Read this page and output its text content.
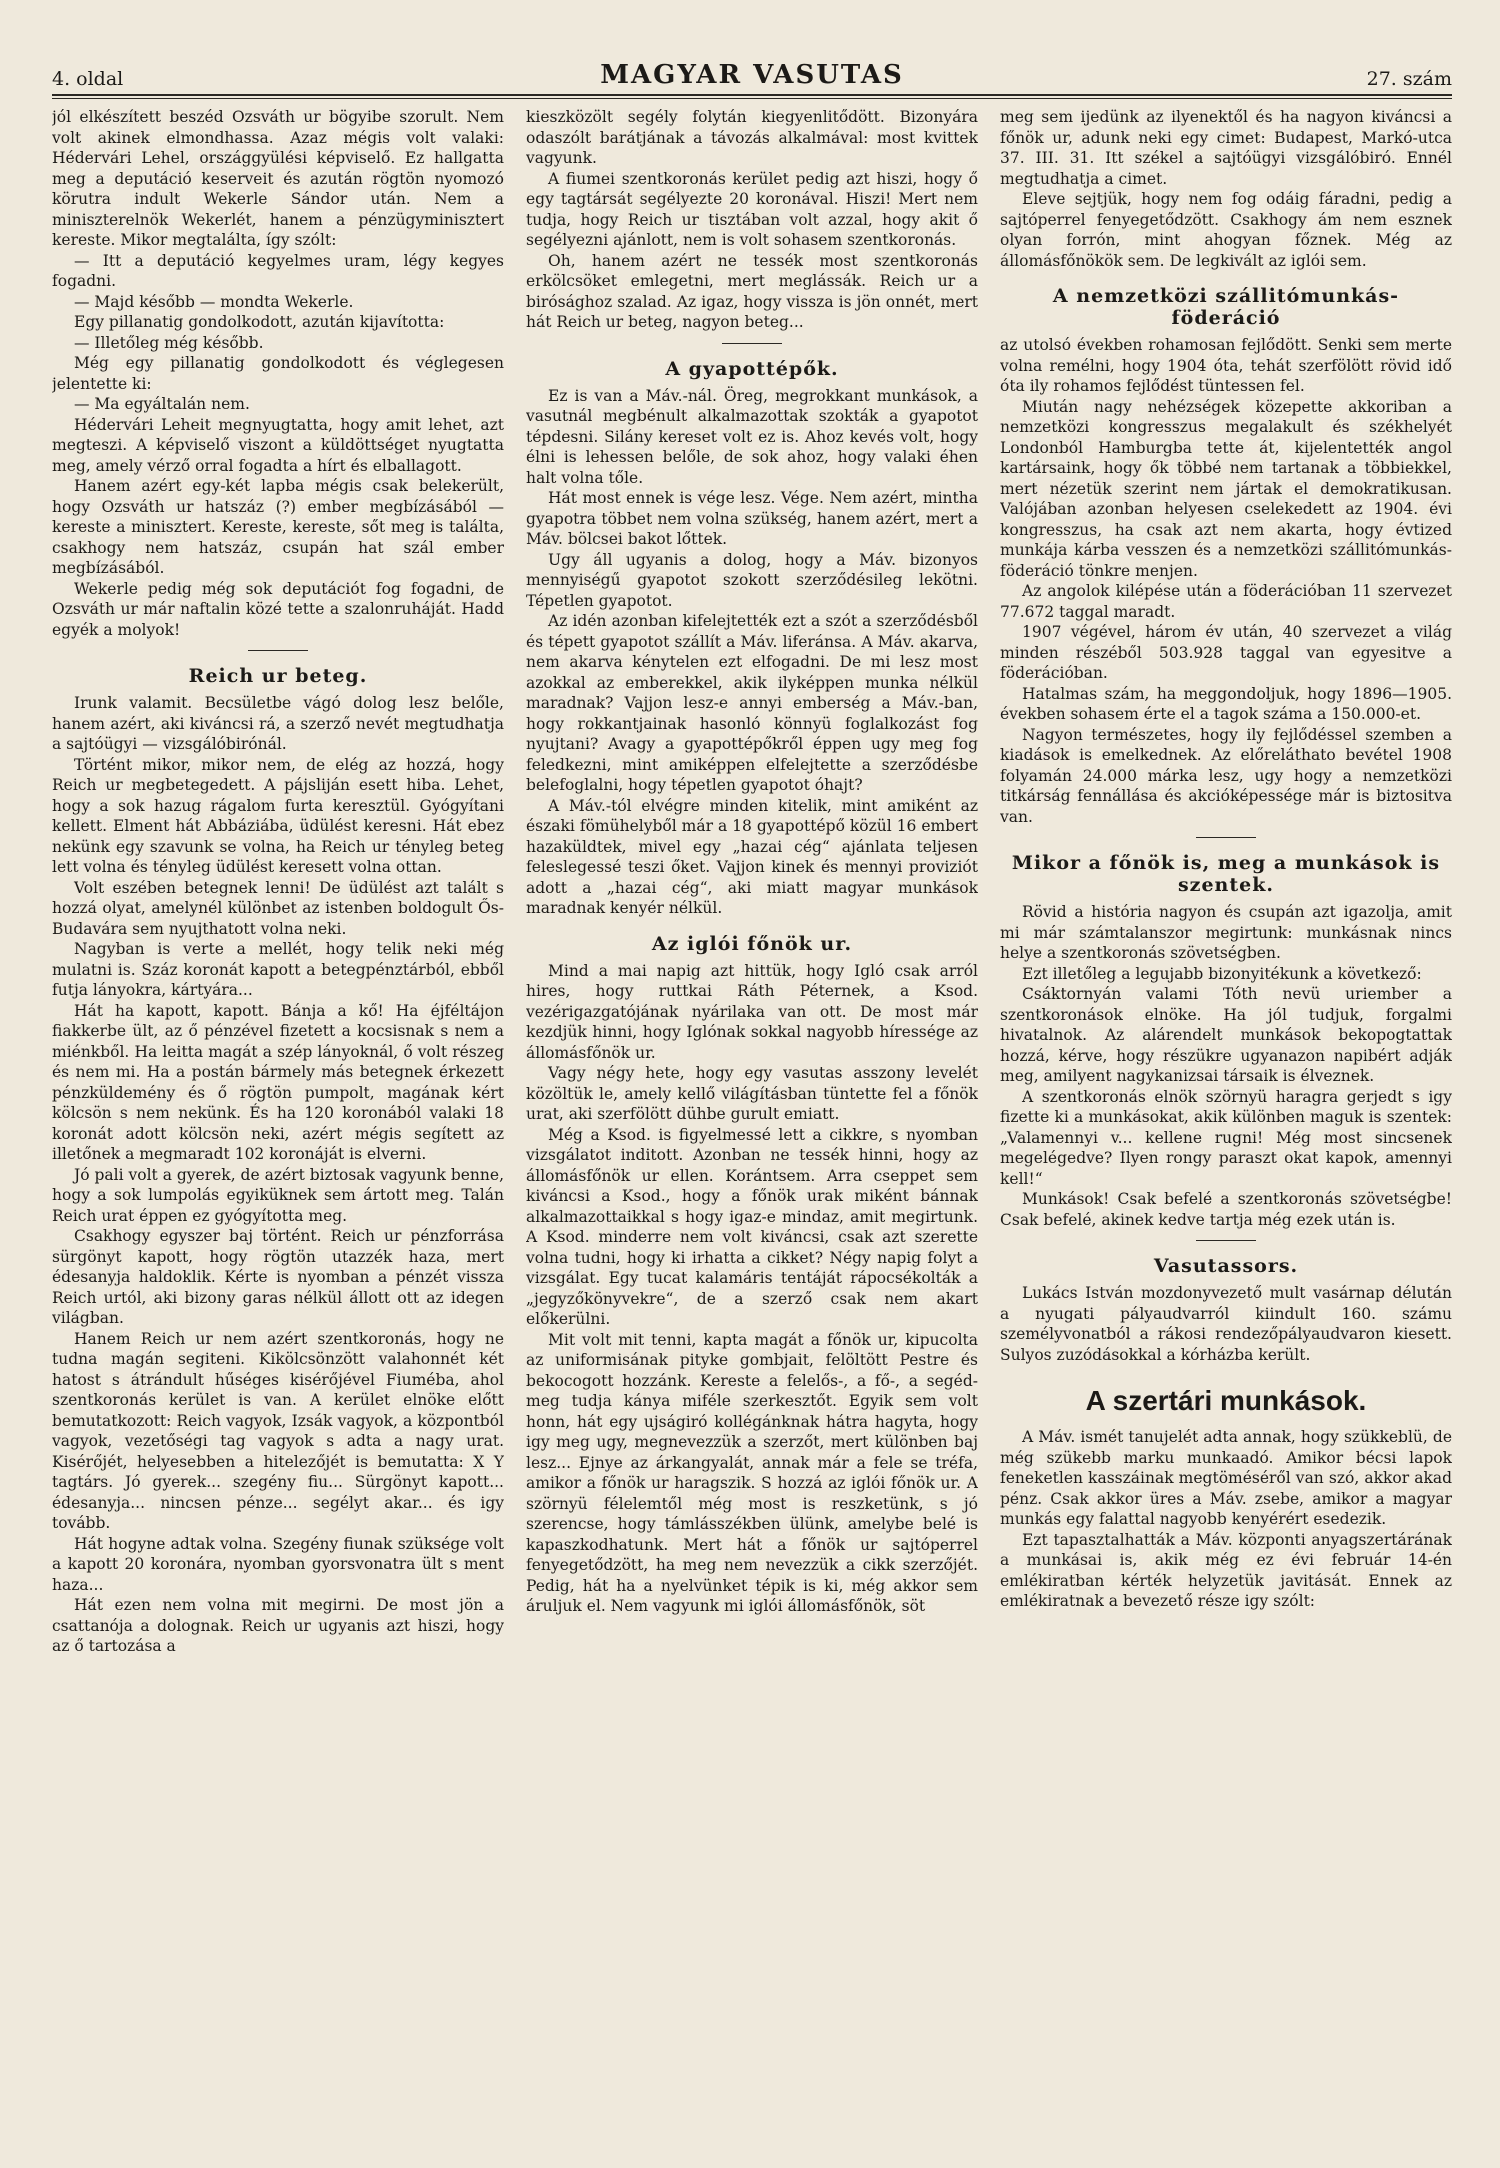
4. oldal	MAGYAR VASUTAS	27. szám

jól elkészített beszéd Ozsváth ur bögyibe szorult. Nem volt akinek elmondhassa. Azaz mégis volt valaki: Hédervári Lehel, országgyülési képviselő. Ez hallgatta meg a deputáció keserveit és azután rögtön nyomozó körutra indult Wekerle Sándor után. Nem a miniszterelnök Wekerlét, hanem a pénzügyminisztert kereste. Mikor megtalálta, így szólt:

— Itt a deputáció kegyelmes uram, légy kegyes fogadni.

— Majd később — mondta Wekerle.

Egy pillanatig gondolkodott, azután kijavította:

— Illetőleg még később.

Még egy pillanatig gondolkodott és véglegesen jelentette ki:

— Ma egyáltalán nem.

Hédervári Leheit megnyugtatta, hogy amit lehet, azt megteszi. A képviselő viszont a küldöttséget nyugtatta meg, amely vérző orral fogadta a hírt és elballagott.

Hanem azért egy-két lapba mégis csak belekerült, hogy Ozsváth ur hatszáz (?) ember megbízásából — kereste a minisztert. Kereste, kereste, sőt meg is találta, csakhogy nem hatszáz, csupán hat szál ember megbízásából.

Wekerle pedig még sok deputációt fog fogadni, de Ozsváth ur már naftalin közé tette a szalonruháját. Hadd egyék a molyok!

Reich ur beteg.

Irunk valamit. Becsületbe vágó dolog lesz belőle, hanem azért, aki kiváncsi rá, a szerző nevét megtudhatja a sajtóügyi — vizsgálóbirónál.

Történt mikor, mikor nem, de elég az hozzá, hogy Reich ur megbetegedett. A pájsliján esett hiba. Lehet, hogy a sok hazug rágalom furta keresztül. Gyógyítani kellett. Elment hát Abbáziába, üdülést keresni. Hát ebez nekünk egy szavunk se volna, ha Reich ur tényleg beteg lett volna és tényleg üdülést keresett volna ottan.

Volt eszében betegnek lenni! De üdülést azt talált s hozzá olyat, amelynél különbet az istenben boldogult Ős-Budavára sem nyujthatott volna neki.

Nagyban is verte a mellét, hogy telik neki még mulatni is. Száz koronát kapott a betegpénztárból, ebből futja lányokra, kártyára...

Hát ha kapott, kapott. Bánja a kő! Ha éjféltájon fiakkerbe ült, az ő pénzével fizetett a kocsisnak s nem a miénkből. Ha leitta magát a szép lányoknál, ő volt részeg és nem mi. Ha a postán bármely más betegnek érkezett pénzküldemény és ő rögtön pumpolt, magának kért kölcsön s nem nekünk. És ha 120 koronából valaki 18 koronát adott kölcsön neki, azért mégis segített az illetőnek a megmaradt 102 koronáját is elverni.

Jó pali volt a gyerek, de azért biztosak vagyunk benne, hogy a sok lumpolás egyiküknek sem ártott meg. Talán Reich urat éppen ez gyógyította meg.

Csakhogy egyszer baj történt. Reich ur pénzforrása sürgönyt kapott, hogy rögtön utazzék haza, mert édesanyja haldoklik. Kérte is nyomban a pénzét vissza Reich urtól, aki bizony garas nélkül állott ott az idegen világban.

Hanem Reich ur nem azért szentkoronás, hogy ne tudna magán segiteni. Kikölcsönzött valahonnét két hatost s átrándult hűséges kisérőjével Fiuméba, ahol szentkoronás kerület is van. A kerület elnöke előtt bemutatkozott: Reich vagyok, Izsák vagyok, a központból vagyok, vezetőségi tag vagyok s adta a nagy urat. Kisérőjét, helyesebben a hitelezőjét is bemutatta: X Y tagtárs. Jó gyerek... szegény fiu... Sürgönyt kapott... édesanyja... nincsen pénze... segélyt akar... és igy tovább.

Hát hogyne adtak volna. Szegény fiunak szüksége volt a kapott 20 koronára, nyomban gyorsvonatra ült s ment haza...

Hát ezen nem volna mit megirni. De most jön a csattanója a dolognak. Reich ur ugyanis azt hiszi, hogy az ő tartozása a

kieszközölt segély folytán kiegyenlitődött. Bizonyára odaszólt barátjának a távozás alkalmával: most kvittek vagyunk.

A fiumei szentkoronás kerület pedig azt hiszi, hogy ő egy tagtársát segélyezte 20 koronával. Hiszi! Mert nem tudja, hogy Reich ur tisztában volt azzal, hogy akit ő segélyezni ajánlott, nem is volt sohasem szentkoronás.

Oh, hanem azért ne tessék most szentkoronás erkölcsöket emlegetni, mert meglássák. Reich ur a birósághoz szalad. Az igaz, hogy vissza is jön onnét, mert hát Reich ur beteg, nagyon beteg...

A gyapottépők.

Ez is van a Máv.-nál. Öreg, megrokkant munkások, a vasutnál megbénult alkalmazottak szokták a gyapotot tépdesni. Silány kereset volt ez is. Ahoz kevés volt, hogy élni is lehessen belőle, de sok ahoz, hogy valaki éhen halt volna tőle.

Hát most ennek is vége lesz. Vége. Nem azért, mintha gyapotra többet nem volna szükség, hanem azért, mert a Máv. bölcsei bakot lőttek.

Ugy áll ugyanis a dolog, hogy a Máv. bizonyos mennyiségű gyapotot szokott szerződésileg lekötni. Tépetlen gyapotot.

Az idén azonban kifelejtették ezt a szót a szerződésből és tépett gyapotot szállít a Máv. liferánsa. A Máv. akarva, nem akarva kénytelen ezt elfogadni. De mi lesz most azokkal az emberekkel, akik ilyképpen munka nélkül maradnak? Vajjon lesz-e annyi emberség a Máv.-ban, hogy rokkantjainak hasonló könnyü foglalkozást fog nyujtani? Avagy a gyapottépőkről éppen ugy meg fog feledkezni, mint amiképpen elfelejtette a szerződésbe belefoglalni, hogy tépetlen gyapotot óhajt?

A Máv.-tól elvégre minden kitelik, mint amiként az északi fömühelyből már a 18 gyapottépő közül 16 embert hazaküldtek, mivel egy „hazai cég“ ajánlata teljesen feleslegessé teszi őket. Vajjon kinek és mennyi proviziót adott a „hazai cég“, aki miatt magyar munkások maradnak kenyér nélkül.

Az iglói főnök ur.

Mind a mai napig azt hittük, hogy Igló csak arról hires, hogy ruttkai Ráth Péternek, a Ksod. vezérigazgatójának nyárilaka van ott. De most már kezdjük hinni, hogy Iglónak sokkal nagyobb híressége az állomásfőnök ur.

Vagy négy hete, hogy egy vasutas asszony levelét közöltük le, amely kellő világításban tüntette fel a főnök urat, aki szerfölött dühbe gurult emiatt.

Még a Ksod. is figyelmessé lett a cikkre, s nyomban vizsgálatot inditott. Azonban ne tessék hinni, hogy az állomásfőnök ur ellen. Korántsem. Arra cseppet sem kiváncsi a Ksod., hogy a főnök urak miként bánnak alkalmazottaikkal s hogy igaz-e mindaz, amit megirtunk. A Ksod. minderre nem volt kiváncsi, csak azt szerette volna tudni, hogy ki irhatta a cikket? Négy napig folyt a vizsgálat. Egy tucat kalamáris tentáját rápocsékolták a „jegyzőkönyvekre“, de a szerző csak nem akart előkerülni.

Mit volt mit tenni, kapta magát a főnök ur, kipucolta az uniformisának pityke gombjait, felöltött Pestre és bekocogott hozzánk. Kereste a felelős-, a fő-, a segéd- meg tudja kánya miféle szerkesztőt. Egyik sem volt honn, hát egy ujságiró kollégánknak hátra hagyta, hogy igy meg ugy, megnevezzük a szerzőt, mert különben baj lesz... Ejnye az árkangyalát, annak már a fele se tréfa, amikor a főnök ur haragszik. S hozzá az iglói főnök ur. A szörnyü félelemtől még most is reszketünk, s jó szerencse, hogy támlásszékben ülünk, amelybe belé is kapaszkodhatunk. Mert hát a főnök ur sajtóperrel fenyegetődzött, ha meg nem nevezzük a cikk szerzőjét. Pedig, hát ha a nyelvünket tépik is ki, még akkor sem áruljuk el. Nem vagyunk mi iglói állomásfőnök, söt

meg sem ijedünk az ilyenektől és ha nagyon kiváncsi a főnök ur, adunk neki egy cimet: Budapest, Markó-utca 37. III. 31. Itt székel a sajtóügyi vizsgálóbiró. Ennél megtudhatja a cimet.

Eleve sejtjük, hogy nem fog odáig fáradni, pedig a sajtóperrel fenyegetődzött. Csakhogy ám nem esznek olyan forrón, mint ahogyan főznek. Még az állomásfőnökök sem. De legkivált az iglói sem.

A nemzetközi szállitómunkás-föderáció

az utolsó években rohamosan fejlődött. Senki sem merte volna remélni, hogy 1904 óta, tehát szerfölött rövid idő óta ily rohamos fejlődést tüntessen fel.

Miután nagy nehézségek közepette akkoriban a nemzetközi kongresszus megalakult és székhelyét Londonból Hamburgba tette át, kijelentették angol kartársaink, hogy ők többé nem tartanak a többiekkel, mert nézetük szerint nem jártak el demokratikusan. Valójában azonban helyesen cselekedett az 1904. évi kongresszus, ha csak azt nem akarta, hogy évtized munkája kárba vesszen és a nemzetközi szállitómunkás-föderáció tönkre menjen.

Az angolok kilépése után a föderációban 11 szervezet 77.672 taggal maradt.

1907 végével, három év után, 40 szervezet a világ minden részéből 503.928 taggal van egyesitve a föderációban.

Hatalmas szám, ha meggondoljuk, hogy 1896—1905. években sohasem érte el a tagok száma a 150.000-et.

Nagyon természetes, hogy ily fejlődéssel szemben a kiadások is emelkednek. Az előreláthato bevétel 1908 folyamán 24.000 márka lesz, ugy hogy a nemzetközi titkárság fennállása és akcióképessége már is biztositva van.

Mikor a főnök is, meg a munkások is szentek.

Rövid a história nagyon és csupán azt igazolja, amit mi már számtalanszor megirtunk: munkásnak nincs helye a szentkoronás szövetségben.

Ezt illetőleg a legujabb bizonyitékunk a következő:

Csáktornyán valami Tóth nevü uriember a szentkoronások elnöke. Ha jól tudjuk, forgalmi hivatalnok. Az alárendelt munkások bekopogtattak hozzá, kérve, hogy részükre ugyanazon napibért adják meg, amilyent nagykanizsai társaik is élveznek.

A szentkoronás elnök szörnyü haragra gerjedt s igy fizette ki a munkásokat, akik különben maguk is szentek: „Valamennyi v... kellene rugni! Még most sincsenek megelégedve? Ilyen rongy paraszt okat kapok, amennyi kell!“

Munkások! Csak befelé a szentkoronás szövetségbe! Csak befelé, akinek kedve tartja még ezek után is.

Vasutassors.

Lukács István mozdonyvezető mult vasárnap délután a nyugati pályaudvarról kiindult 160. számu személyvonatból a rákosi rendezőpályaudvaron kiesett. Sulyos zuzódásokkal a kórházba került.

A szertári munkások.

A Máv. ismét tanujelét adta annak, hogy szükkeblü, de még szükebb marku munkaadó. Amikor bécsi lapok feneketlen kasszáinak megtöméséről van szó, akkor akad pénz. Csak akkor üres a Máv. zsebe, amikor a magyar munkás egy falattal nagyobb kenyérért esedezik.

Ezt tapasztalhatták a Máv. központi anyagszertárának a munkásai is, akik még ez évi február 14-én emlékiratban kérték helyzetük javitását. Ennek az emlékiratnak a bevezető része igy szólt:
